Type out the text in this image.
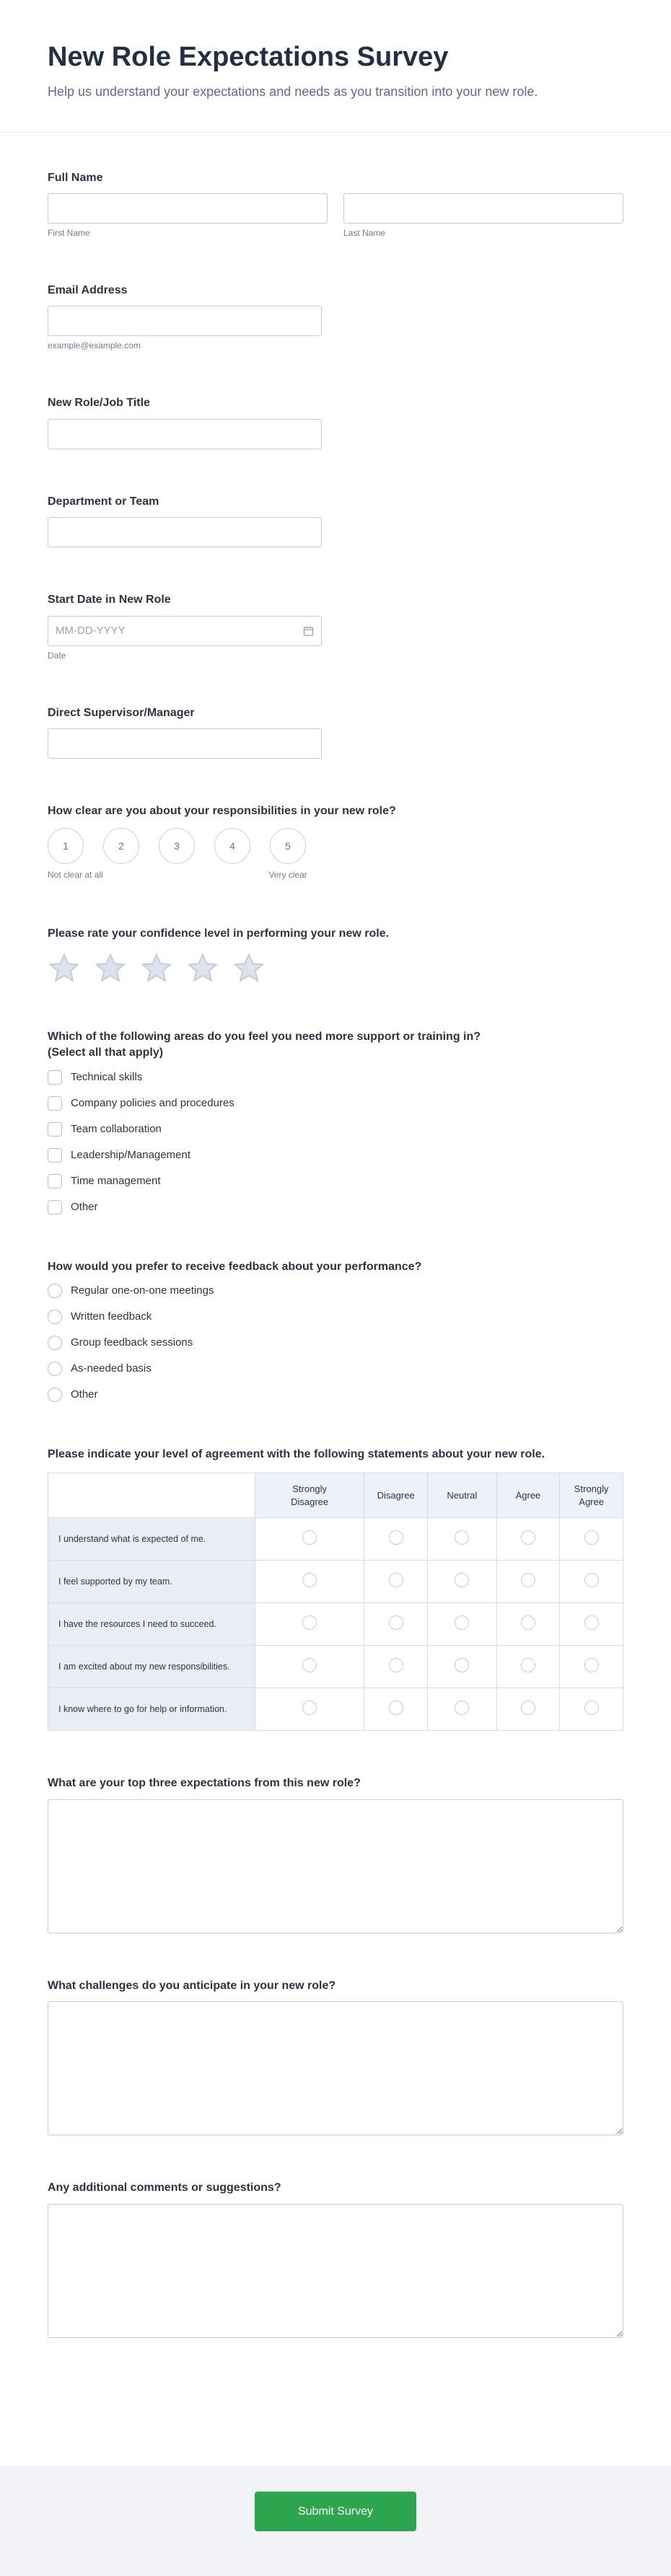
New Role Expectations Survey
Help us understand your expectations and needs as you transition into your new role.
Full Name
First Name	Last Name
Email Address
example@example.com
New Role/Job Title
Department or Team
Start Date in New Role
MM-DD-YYYY
Date
Direct Supervisor/Manager
How clear are you about your responsibilities in your new role?
1	2	3	4	5
Not clear at all	Very clear
Please rate your confidence level in performing your new role.
Which of the following areas do you feel you need more support or training in?
(Select all that apply)
Technical skills
Company policies and procedures
Team collaboration
Leadership/Management
Time management
Other
How would you prefer to receive feedback about your performance?
Regular one-on-one meetings
Written feedback
Group feedback sessions
As-needed basis
Other
Please indicate your level of agreement with the following statements about your new role.
	Strongly Disagree	Disagree	Neutral	Agree	Strongly Agree
I understand what is expected of me.					
I feel supported by my team.					
I have the resources I need to succeed.					
I am excited about my new responsibilities.					
I know where to go for help or information.					
What are your top three expectations from this new role?
What challenges do you anticipate in your new role?
Any additional comments or suggestions?
Submit Survey
